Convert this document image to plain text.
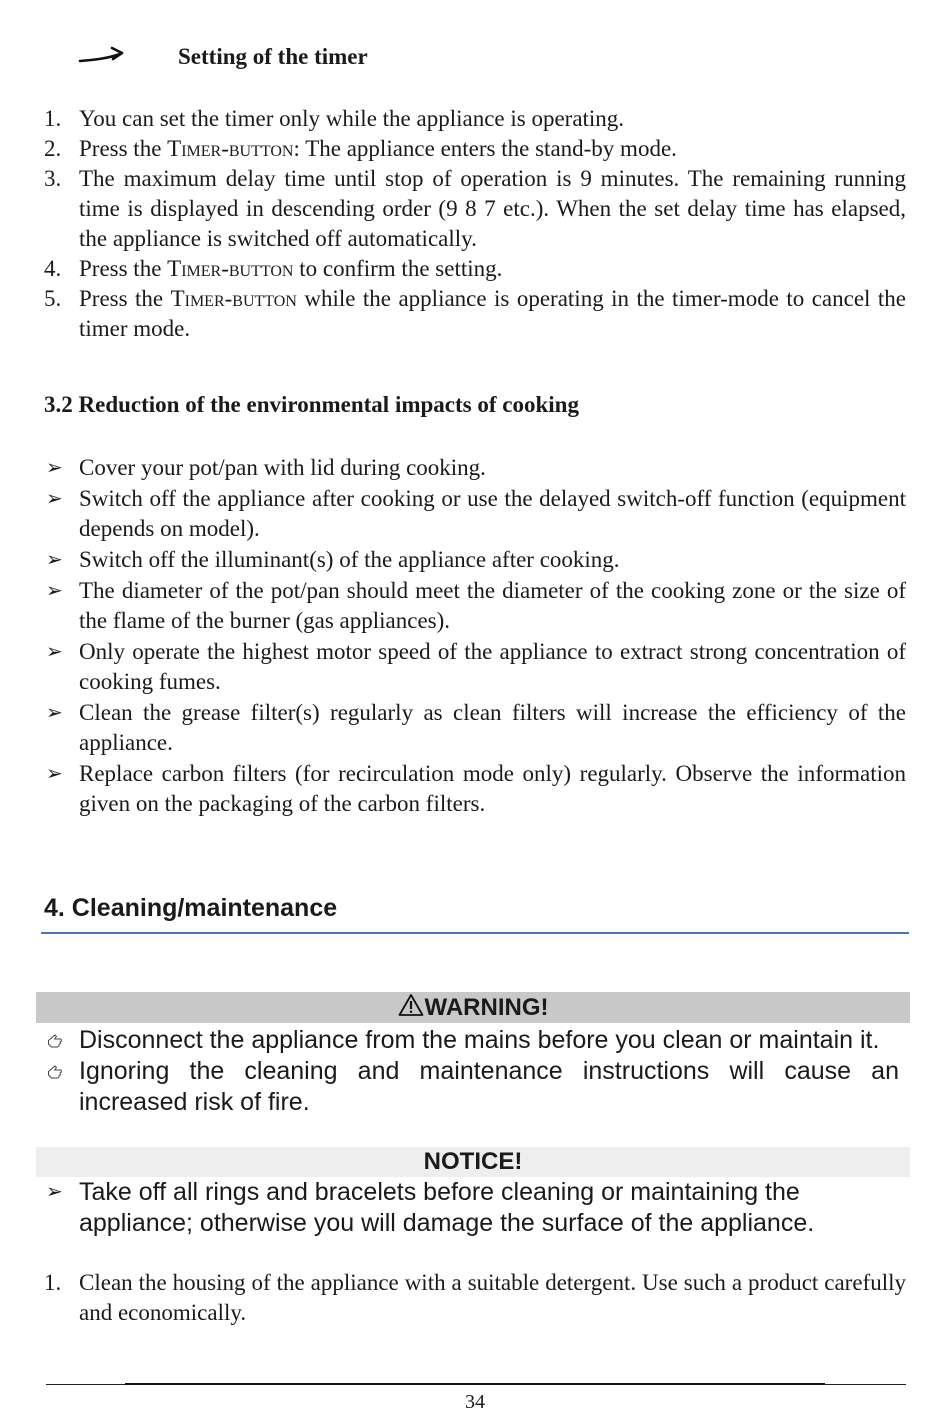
Setting of the timer
1. You can set the timer only while the appliance is operating.
2. Press the Timer-button: The appliance enters the stand-by mode.
3. The maximum delay time until stop of operation is 9 minutes. The remaining running time is displayed in descending order (9 8 7 etc.). When the set delay time has elapsed, the appliance is switched off automatically.
4. Press the Timer-button to confirm the setting.
5. Press the Timer-button while the appliance is operating in the timer-mode to cancel the timer mode.
3.2 Reduction of the environmental impacts of cooking
➢ Cover your pot/pan with lid during cooking.
➢ Switch off the appliance after cooking or use the delayed switch-off function (equipment depends on model).
➢ Switch off the illuminant(s) of the appliance after cooking.
➢ The diameter of the pot/pan should meet the diameter of the cooking zone or the size of the flame of the burner (gas appliances).
➢ Only operate the highest motor speed of the appliance to extract strong concentration of cooking fumes.
➢ Clean the grease filter(s) regularly as clean filters will increase the efficiency of the appliance.
➢ Replace carbon filters (for recirculation mode only) regularly. Observe the information given on the packaging of the carbon filters.
4. Cleaning/maintenance
WARNING!
Disconnect the appliance from the mains before you clean or maintain it.
Ignoring the cleaning and maintenance instructions will cause an increased risk of fire.
NOTICE!
➢ Take off all rings and bracelets before cleaning or maintaining the appliance; otherwise you will damage the surface of the appliance.
1. Clean the housing of the appliance with a suitable detergent. Use such a product carefully and economically.
34
